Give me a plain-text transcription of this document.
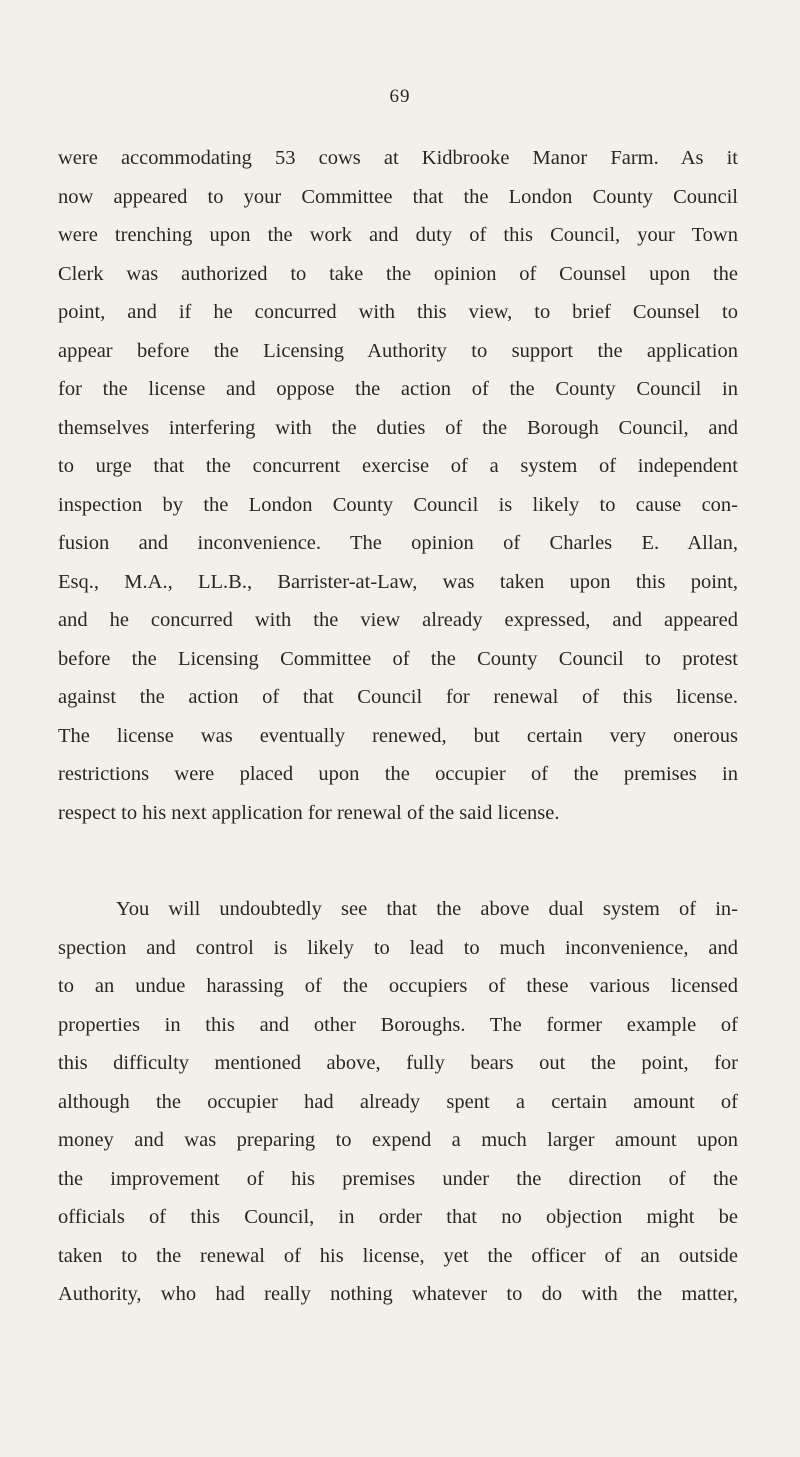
69

were accommodating 53 cows at Kidbrooke Manor Farm. As it
now appeared to your Committee that the London County Council
were trenching upon the work and duty of this Council, your Town
Clerk was authorized to take the opinion of Counsel upon the
point, and if he concurred with this view, to brief Counsel to
appear before the Licensing Authority to support the application
for the license and oppose the action of the County Council in
themselves interfering with the duties of the Borough Council, and
to urge that the concurrent exercise of a system of independent
inspection by the London County Council is likely to cause con-
fusion and inconvenience. The opinion of Charles E. Allan,
Esq., M.A., LL.B., Barrister-at-Law, was taken upon this point,
and he concurred with the view already expressed, and appeared
before the Licensing Committee of the County Council to protest
against the action of that Council for renewal of this license.
The license was eventually renewed, but certain very onerous
restrictions were placed upon the occupier of the premises in
respect to his next application for renewal of the said license.

You will undoubtedly see that the above dual system of in-
spection and control is likely to lead to much inconvenience, and
to an undue harassing of the occupiers of these various licensed
properties in this and other Boroughs. The former example of
this difficulty mentioned above, fully bears out the point, for
although the occupier had already spent a certain amount of
money and was preparing to expend a much larger amount upon
the improvement of his premises under the direction of the
officials of this Council, in order that no objection might be
taken to the renewal of his license, yet the officer of an outside
Authority, who had really nothing whatever to do with the matter,
